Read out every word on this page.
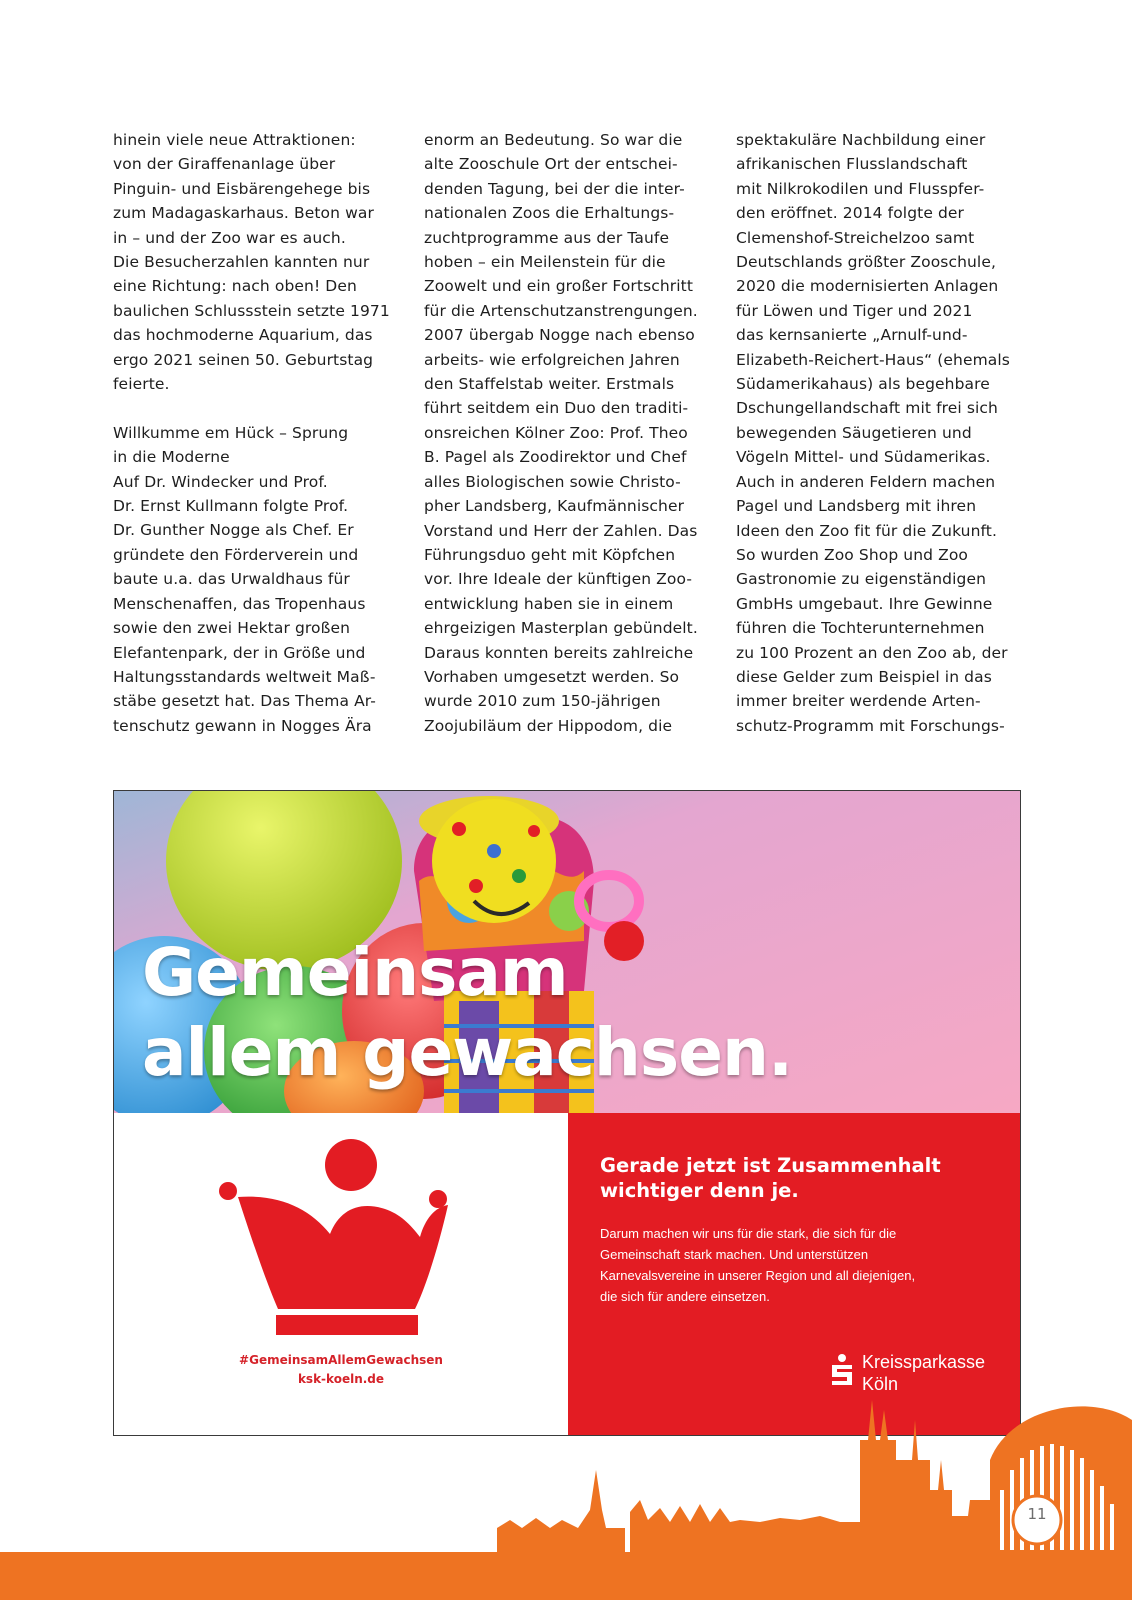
hinein viele neue Attraktionen:
von der Giraffenanlage über
Pinguin- und Eisbärengehege bis
zum Madagaskarhaus. Beton war
in – und der Zoo war es auch.
Die Besucherzahlen kannten nur
eine Richtung: nach oben! Den
baulichen Schlussstein setzte 1971
das hochmoderne Aquarium, das
ergo 2021 seinen 50. Geburtstag
feierte.
Willkumme em Hück – Sprung
in die Moderne
Auf Dr. Windecker und Prof.
Dr. Ernst Kullmann folgte Prof.
Dr. Gunther Nogge als Chef. Er
gründete den Förderverein und
baute u.a. das Urwaldhaus für
Menschenaffen, das Tropenhaus
sowie den zwei Hektar großen
Elefantenpark, der in Größe und
Haltungsstandards weltweit Maß-
stäbe gesetzt hat. Das Thema Ar-
tenschutz gewann in Nogges Ära
enorm an Bedeutung. So war die
alte Zooschule Ort der entschei-
denden Tagung, bei der die inter-
nationalen Zoos die Erhaltungs-
zuchtprogramme aus der Taufe
hoben – ein Meilenstein für die
Zoowelt und ein großer Fortschritt
für die Artenschutzanstrengungen.
2007 übergab Nogge nach ebenso
arbeits- wie erfolgreichen Jahren
den Staffelstab weiter. Erstmals
führt seitdem ein Duo den traditi-
onsreichen Kölner Zoo: Prof. Theo
B. Pagel als Zoodirektor und Chef
alles Biologischen sowie Christo-
pher Landsberg, Kaufmännischer
Vorstand und Herr der Zahlen. Das
Führungsduo geht mit Köpfchen
vor. Ihre Ideale der künftigen Zoo-
entwicklung haben sie in einem
ehrgeizigen Masterplan gebündelt.
Daraus konnten bereits zahlreiche
Vorhaben umgesetzt werden. So
wurde 2010 zum 150-jährigen
Zoojubiläum der Hippodom, die
spektakuläre Nachbildung einer
afrikanischen Flusslandschaft
mit Nilkrokodilen und Flusspfer-
den eröffnet. 2014 folgte der
Clemenshof-Streichelzoo samt
Deutschlands größter Zooschule,
2020 die modernisierten Anlagen
für Löwen und Tiger und 2021
das kernsanierte „Arnulf-und-
Elizabeth-Reichert-Haus“ (ehemals
Südamerikahaus) als begehbare
Dschungellandschaft mit frei sich
bewegenden Säugetieren und
Vögeln Mittel- und Südamerikas.
Auch in anderen Feldern machen
Pagel und Landsberg mit ihren
Ideen den Zoo fit für die Zukunft.
So wurden Zoo Shop und Zoo
Gastronomie zu eigenständigen
GmbHs umgebaut. Ihre Gewinne
führen die Tochterunternehmen
zu 100 Prozent an den Zoo ab, der
diese Gelder zum Beispiel in das
immer breiter werdende Arten-
schutz-Programm mit Forschungs-
Gemeinsam
allem gewachsen.
#GemeinsamAllemGewachsen
ksk-koeln.de
Gerade jetzt ist Zusammenhalt
wichtiger denn je.
Darum machen wir uns für die stark, die sich für die
Gemeinschaft stark machen. Und unterstützen
Karnevalsvereine in unserer Region und all diejenigen,
die sich für andere einsetzen.
Kreissparkasse
Köln
11
